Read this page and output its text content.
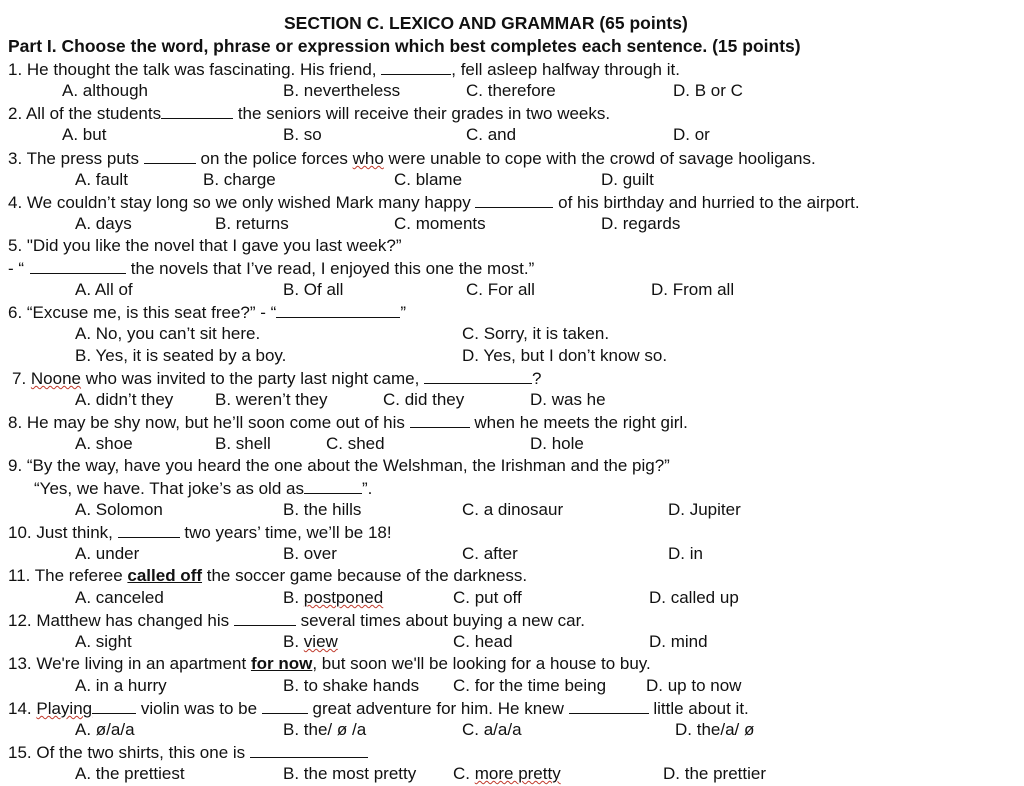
SECTION C. LEXICO AND GRAMMAR (65 points)
Part I. Choose the word, phrase or expression which best completes each sentence. (15 points)
1. He thought the talk was fascinating. His friend,	, fell asleep halfway through it.
A. although	B. nevertheless	C. therefore	D. B or C
2. All of the students	the seniors will receive their grades in two weeks.
A. but	B. so	C. and	D. or
3. The press puts	on the police forces who were unable to cope with the crowd of savage hooligans.
A. fault	B. charge	C. blame	D. guilt
4. We couldn’t stay long so we only wished Mark many happy	of his birthday and hurried to the airport.
A. days	B. returns	C. moments	D. regards
5. "Did you like the novel that I gave you last week?”
- “	the novels that I’ve read, I enjoyed this one the most.”
A. All of	B. Of all	C. For all	D. From all
6. “Excuse me, is this seat free?” - “	”
A. No, you can’t sit here.	C. Sorry, it is taken.
B. Yes, it is seated by a boy.	D. Yes, but I don’t know so.
7. Noone who was invited to the party last night came,	?
A. didn’t they B. weren’t they	C. did they	D. was he
8. He may be shy now, but he’ll soon come out of his	when he meets the right girl.
A. shoe	B. shell	C. shed	D. hole
9. “By the way, have you heard the one about the Welshman, the Irishman and the pig?”
“Yes, we have. That joke’s as old as	”.
A. Solomon	B. the hills	C. a dinosaur	D. Jupiter
10. Just think,	two years’ time, we’ll be 18!
A. under	B. over	C. after	D. in
11. The referee called off the soccer game because of the darkness.
A. canceled	B. postponed	C. put off	D. called up
12. Matthew has changed his	several times about buying a new car.
A. sight	B. view	C. head	D. mind
13. We're living in an apartment for now, but soon we'll be looking for a house to buy.
A. in a hurry	B. to shake hands C. for the time being D. up to now
14. Playing	violin was to be	great adventure for him. He knew	little about it.
A. ø/a/a	B. the/ ø /a	C. a/a/a	D. the/a/ ø
15. Of the two shirts, this one is
A. the prettiest	B. the most pretty C. more pretty	D. the prettier
